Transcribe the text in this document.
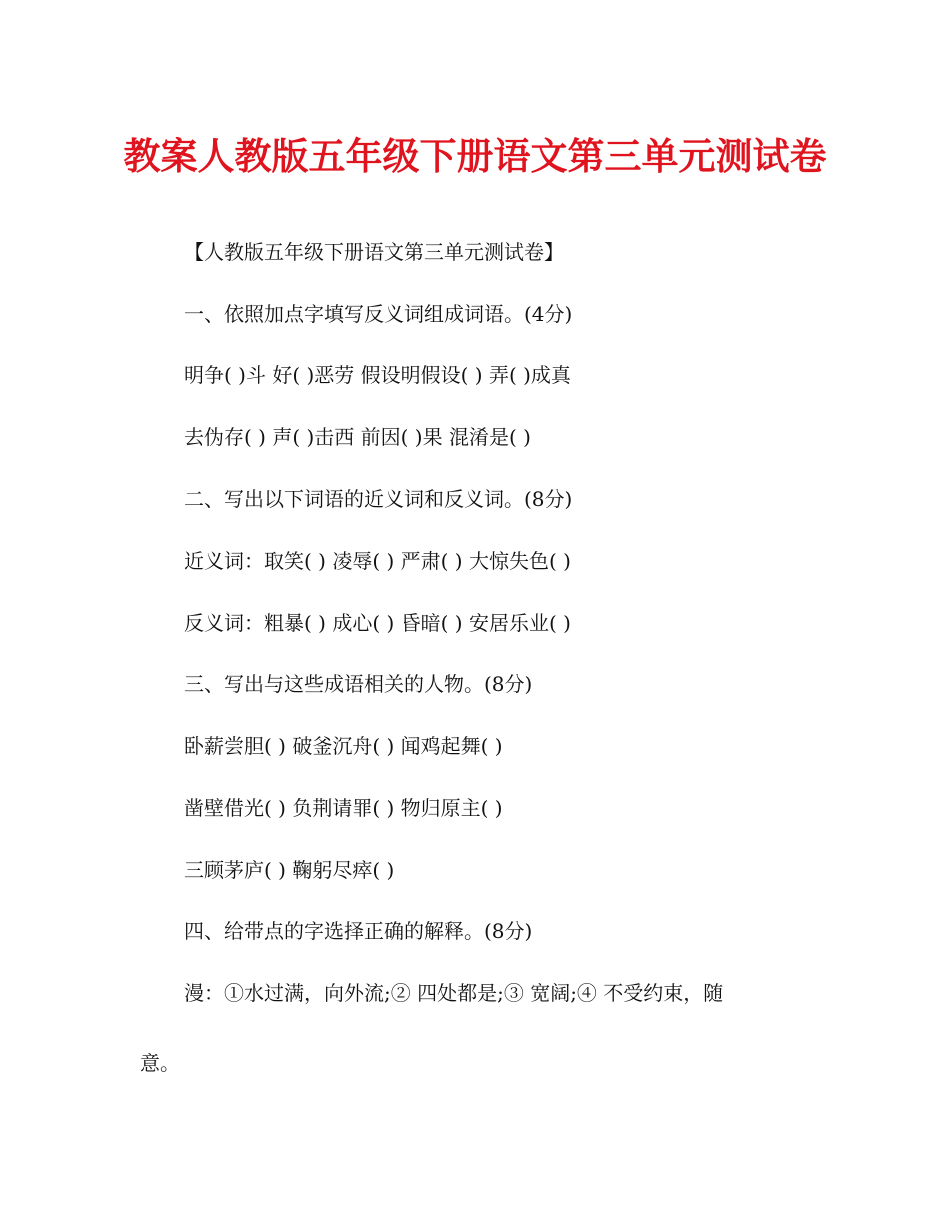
教案人教版五年级下册语文第三单元测试卷

【人教版五年级下册语文第三单元测试卷】

一、依照加点字填写反义词组成词语。(4分)

明争( )斗 好( )恶劳 假设明假设( ) 弄( )成真

去伪存( ) 声( )击西 前因( )果 混淆是( )

二、写出以下词语的近义词和反义词。(8分)

近义词：取笑( ) 凌辱( ) 严肃( ) 大惊失色( )

反义词：粗暴( ) 成心( ) 昏暗( ) 安居乐业( )

三、写出与这些成语相关的人物。(8分)

卧薪尝胆( ) 破釜沉舟( ) 闻鸡起舞( )

凿壁借光( ) 负荆请罪( ) 物归原主( )

三顾茅庐( ) 鞠躬尽瘁( )

四、给带点的字选择正确的解释。(8分)

漫：①水过满，向外流;② 四处都是;③ 宽阔;④ 不受约束，随

意。
